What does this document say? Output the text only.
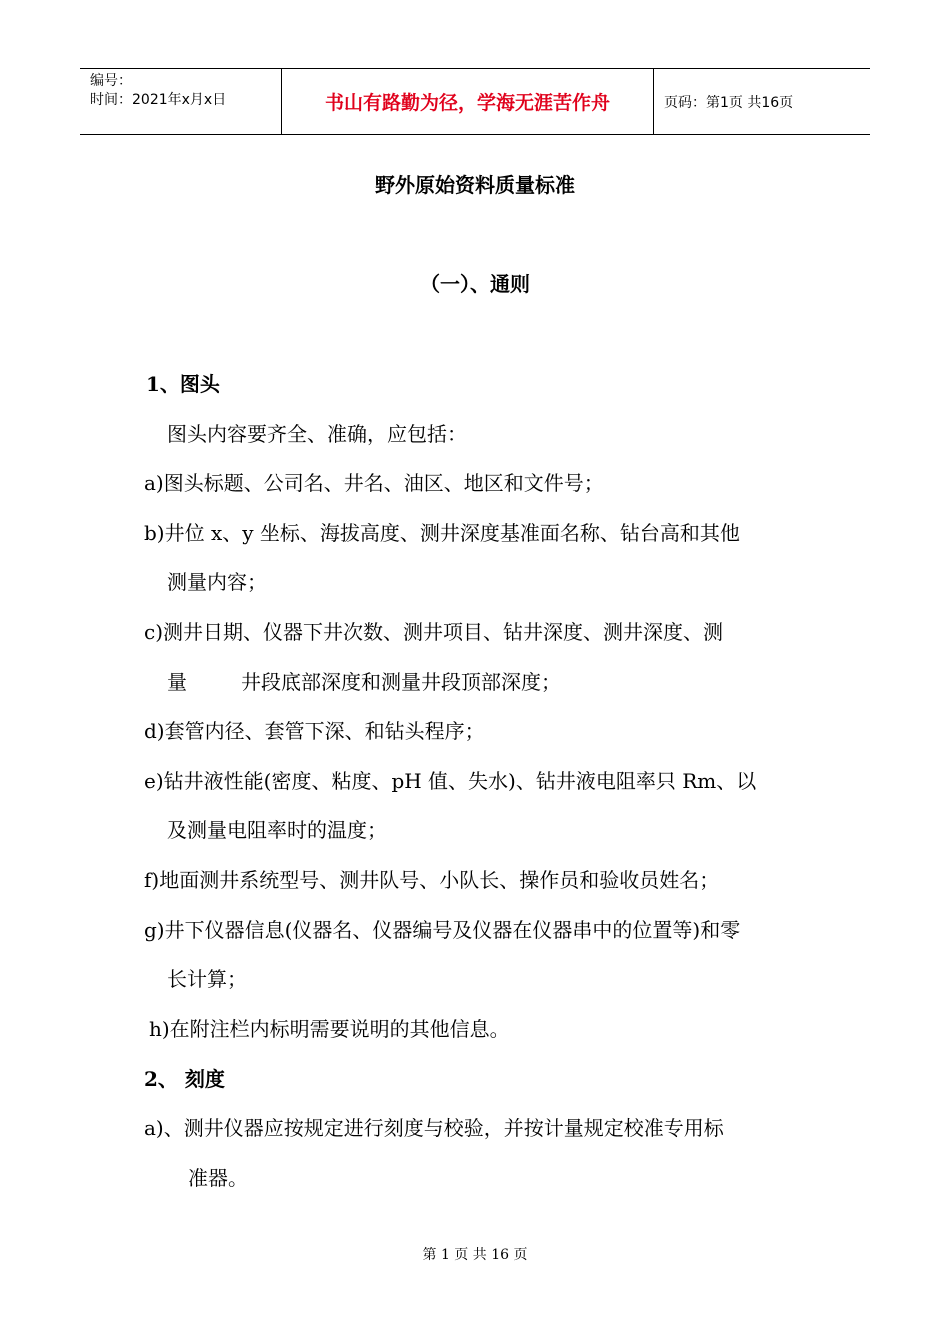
编号：
时间：2021年x月x日	书山有路勤为径，学海无涯苦作舟	页码：第1页 共16页
野外原始资料质量标准
（一）、通则
1、图头
图头内容要齐全、准确，应包括：
a)图头标题、公司名、井名、油区、地区和文件号；
b)井位 x、y 坐标、海拔高度、测井深度基准面名称、钻台高和其他
测量内容；
c)测井日期、仪器下井次数、测井项目、钻井深度、测井深度、测
量	井段底部深度和测量井段顶部深度；
d)套管内径、套管下深、和钻头程序；
e)钻井液性能(密度、粘度、pH 值、失水)、钻井液电阻率只 Rm、以
及测量电阻率时的温度；
f)地面测井系统型号、测井队号、小队长、操作员和验收员姓名；
g)井下仪器信息(仪器名、仪器编号及仪器在仪器串中的位置等)和零
长计算；
h)在附注栏内标明需要说明的其他信息。
2、 刻度
a)、测井仪器应按规定进行刻度与校验，并按计量规定校准专用标
准器。
第 1 页 共 16 页
